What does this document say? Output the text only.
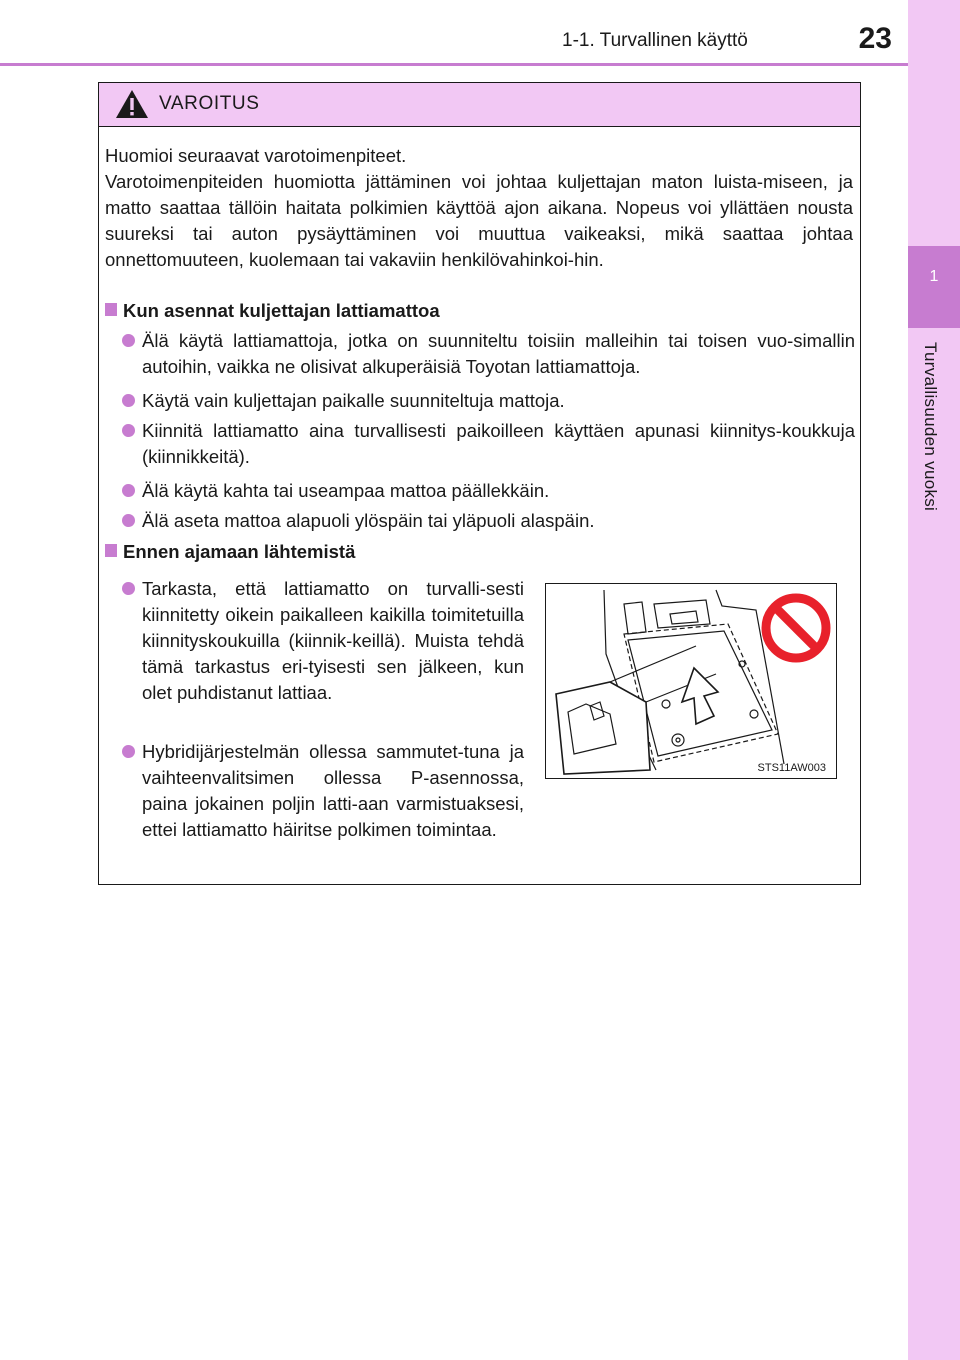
1-1. Turvallinen käyttö	23
1
Turvallisuuden vuoksi
VAROITUS
Huomioi seuraavat varotoimenpiteet.
Varotoimenpiteiden huomiotta jättäminen voi johtaa kuljettajan maton luista-miseen, ja matto saattaa tällöin haitata polkimien käyttöä ajon aikana. Nopeus voi yllättäen nousta suureksi tai auton pysäyttäminen voi muuttua vaikeaksi, mikä saattaa johtaa onnettomuuteen, kuolemaan tai vakaviin henkilövahinkoi-hin.
Kun asennat kuljettajan lattiamattoa
Älä käytä lattiamattoja, jotka on suunniteltu toisiin malleihin tai toisen vuo-simallin autoihin, vaikka ne olisivat alkuperäisiä Toyotan lattiamattoja.
Käytä vain kuljettajan paikalle suunniteltuja mattoja.
Kiinnitä lattiamatto aina turvallisesti paikoilleen käyttäen apunasi kiinnitys-koukkuja (kiinnikkeitä).
Älä käytä kahta tai useampaa mattoa päällekkäin.
Älä aseta mattoa alapuoli ylöspäin tai yläpuoli alaspäin.
Ennen ajamaan lähtemistä
Tarkasta, että lattiamatto on turvalli-sesti kiinnitetty oikein paikalleen kaikilla toimitetuilla kiinnityskoukuilla (kiinnik-keillä). Muista tehdä tämä tarkastus eri-tyisesti sen jälkeen, kun olet puhdistanut lattiaa.
Hybridijärjestelmän ollessa sammutet-tuna ja vaihteenvalitsimen ollessa P-asennossa, paina jokainen poljin latti-aan varmistuaksesi, ettei lattiamatto häiritse polkimen toimintaa.
STS11AW003
